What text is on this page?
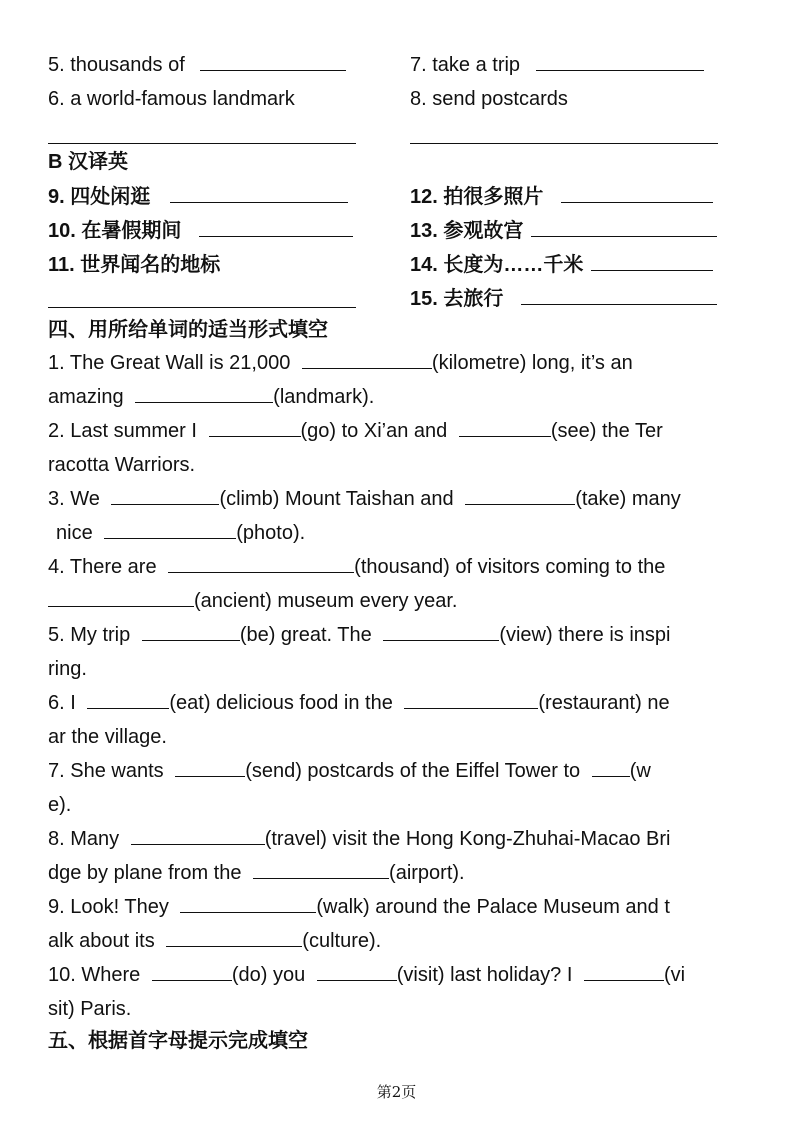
5. thousands of	7. take a trip
6. a world-famous landmark	8. send postcards
B 汉译英
9. 四处闲逛	12. 拍很多照片
10. 在暑假期间	13. 参观故宫
11. 世界闻名的地标	14. 长度为……千米
15. 去旅行
四、用所给单词的适当形式填空
1. The Great Wall is 21,000	(kilometre) long, it’s an
amazing	(landmark).
2. Last summer I	(go) to Xi’an and	(see) the Ter
racotta Warriors.
3. We	(climb) Mount Taishan and	(take) many
nice	(photo).
4. There are	(thousand) of visitors coming to the
(ancient) museum every year.
5. My trip	(be) great. The	(view) there is inspi
ring.
6. I	(eat) delicious food in the	(restaurant) ne
ar the village.
7. She wants	(send) postcards of the Eiffel Tower to (w
e).
8. Many	(travel) visit the Hong Kong-Zhuhai-Macao Bri
dge by plane from the	(airport).
9. Look! They	(walk) around the Palace Museum and t
alk about its	(culture).
10. Where	(do) you	(visit) last holiday? I	(vi
sit) Paris.
五、根据首字母提示完成填空
第2页
